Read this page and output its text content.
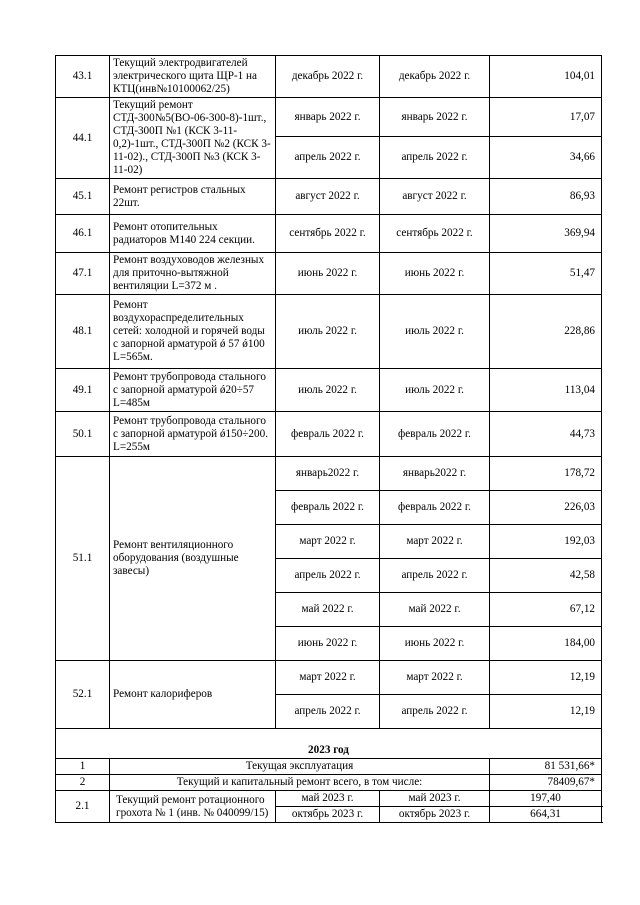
43.1	Текущий электродвигателей электрического щита ЩР-1 на КТЦ(инв№10100062/25)	декабрь 2022 г.	декабрь 2022 г.	104,01
44.1	Текущий ремонт СТД-300№5(ВО-06-300-8)-1шт., СТД-300П №1 (КСК 3-11-0,2)-1шт., СТД-300П №2 (КСК 3-11-02)., СТД-300П №3 (КСК 3-11-02)	январь 2022 г.	январь 2022 г.	17,07
		апрель 2022 г.	апрель 2022 г.	34,66
45.1	Ремонт регистров стальных 22шт.	август 2022 г.	август 2022 г.	86,93
46.1	Ремонт отопительных радиаторов М140 224 секции.	сентябрь 2022 г.	сентябрь 2022 г.	369,94
47.1	Ремонт воздуховодов железных для приточно-вытяжной вентиляции L=372 м .	июнь 2022 г.	июнь 2022 г.	51,47
48.1	Ремонт воздухораспределительных сетей: холодной и горячей воды с запорной арматурой ǿ 57 ǿ100 L=565м.	июль 2022 г.	июль 2022 г.	228,86
49.1	Ремонт трубопровода стального с запорной арматурой ǿ20÷57 L=485м	июль 2022 г.	июль 2022 г.	113,04
50.1	Ремонт трубопровода стального с запорной арматурой ǿ150÷200. L=255м	февраль 2022 г.	февраль 2022 г.	44,73
51.1	Ремонт вентиляционного оборудования (воздушные завесы)	январь2022 г.	январь2022 г.	178,72
		февраль 2022 г.	февраль 2022 г.	226,03
		март 2022 г.	март 2022 г.	192,03
		апрель 2022 г.	апрель 2022 г.	42,58
		май 2022 г.	май 2022 г.	67,12
		июнь 2022 г.	июнь 2022 г.	184,00
52.1	Ремонт калориферов	март 2022 г.	март 2022 г.	12,19
		апрель 2022 г.	апрель 2022 г.	12,19
2023 год				
1	Текущая эксплуатация			81 531,66*
2	Текущий и капитальный ремонт всего, в том числе:			78409,67*
2.1	Текущий ремонт ротационного грохота № 1 (инв. № 040099/15)	май 2023 г.	май 2023 г.	197,40
		октябрь 2023 г.	октябрь 2023 г.	664,31
